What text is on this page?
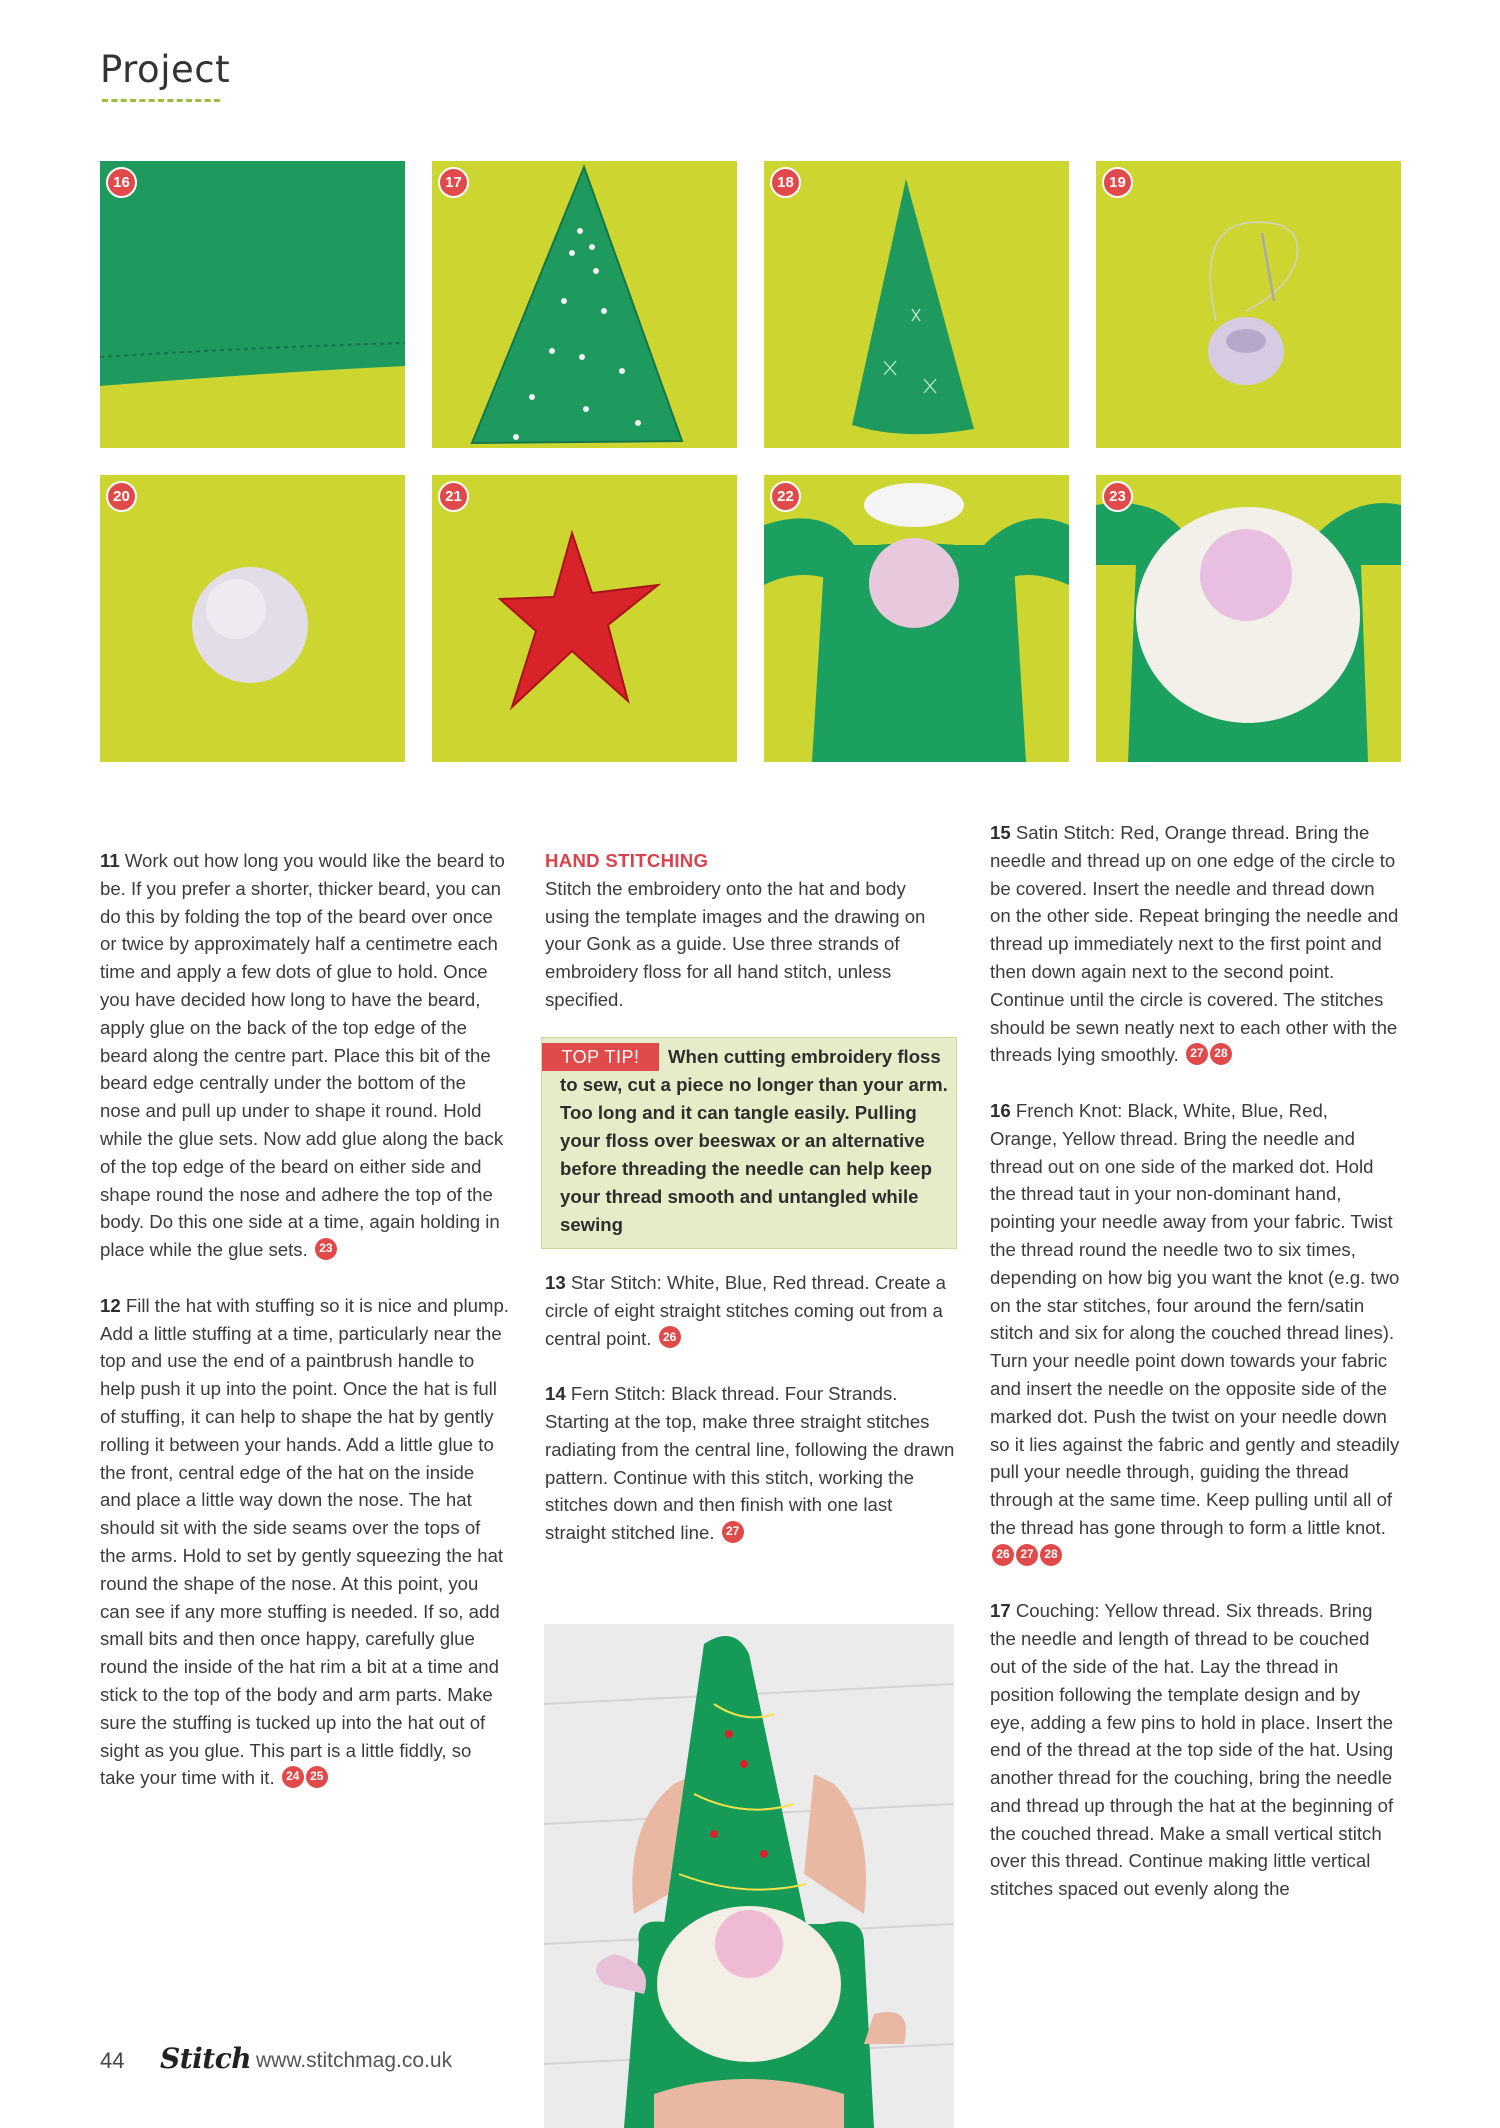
Project
16	17	18	19
20	21	22	23

11 Work out how long you would like the beard to be. If you prefer a shorter, thicker beard, you can do this by folding the top of the beard over once or twice by approximately half a centimetre each time and apply a few dots of glue to hold. Once you have decided how long to have the beard, apply glue on the back of the top edge of the beard along the centre part. Place this bit of the beard edge centrally under the bottom of the nose and pull up under to shape it round. Hold while the glue sets. Now add glue along the back of the top edge of the beard on either side and shape round the nose and adhere the top of the body. Do this one side at a time, again holding in place while the glue sets. 23

12 Fill the hat with stuffing so it is nice and plump. Add a little stuffing at a time, particularly near the top and use the end of a paintbrush handle to help push it up into the point. Once the hat is full of stuffing, it can help to shape the hat by gently rolling it between your hands. Add a little glue to the front, central edge of the hat on the inside and place a little way down the nose. The hat should sit with the side seams over the tops of the arms. Hold to set by gently squeezing the hat round the shape of the nose. At this point, you can see if any more stuffing is needed. If so, add small bits and then once happy, carefully glue round the inside of the hat rim a bit at a time and stick to the top of the body and arm parts. Make sure the stuffing is tucked up into the hat out of sight as you glue. This part is a little fiddly, so take your time with it. 24 25

HAND STITCHING

Stitch the embroidery onto the hat and body using the template images and the drawing on your Gonk as a guide. Use three strands of embroidery floss for all hand stitch, unless specified.

TOP TIP!	When cutting embroidery floss to sew, cut a piece no longer than your arm. Too long and it can tangle easily. Pulling your floss over beeswax or an alternative before threading the needle can help keep your thread smooth and untangled while sewing

13 Star Stitch: White, Blue, Red thread. Create a circle of eight straight stitches coming out from a central point. 26

14 Fern Stitch: Black thread. Four Strands. Starting at the top, make three straight stitches radiating from the central line, following the drawn pattern. Continue with this stitch, working the stitches down and then finish with one last straight stitched line. 27

15 Satin Stitch: Red, Orange thread. Bring the needle and thread up on one edge of the circle to be covered. Insert the needle and thread down on the other side. Repeat bringing the needle and thread up immediately next to the first point and then down again next to the second point. Continue until the circle is covered. The stitches should be sewn neatly next to each other with the threads lying smoothly. 27 28

16 French Knot: Black, White, Blue, Red, Orange, Yellow thread. Bring the needle and thread out on one side of the marked dot. Hold the thread taut in your non-dominant hand, pointing your needle away from your fabric. Twist the thread round the needle two to six times, depending on how big you want the knot (e.g. two on the star stitches, four around the fern/satin stitch and six for along the couched thread lines). Turn your needle point down towards your fabric and insert the needle on the opposite side of the marked dot. Push the twist on your needle down so it lies against the fabric and gently and steadily pull your needle through, guiding the thread through at the same time. Keep pulling until all of the thread has gone through to form a little knot. 26 27 28

17 Couching: Yellow thread. Six threads. Bring the needle and length of thread to be couched out of the side of the hat. Lay the thread in position following the template design and by eye, adding a few pins to hold in place. Insert the end of the thread at the top side of the hat. Using another thread for the couching, bring the needle and thread up through the hat at the beginning of the couched thread. Make a small vertical stitch over this thread. Continue making little vertical stitches spaced out evenly along the

44 Stitch www.stitchmag.co.uk
